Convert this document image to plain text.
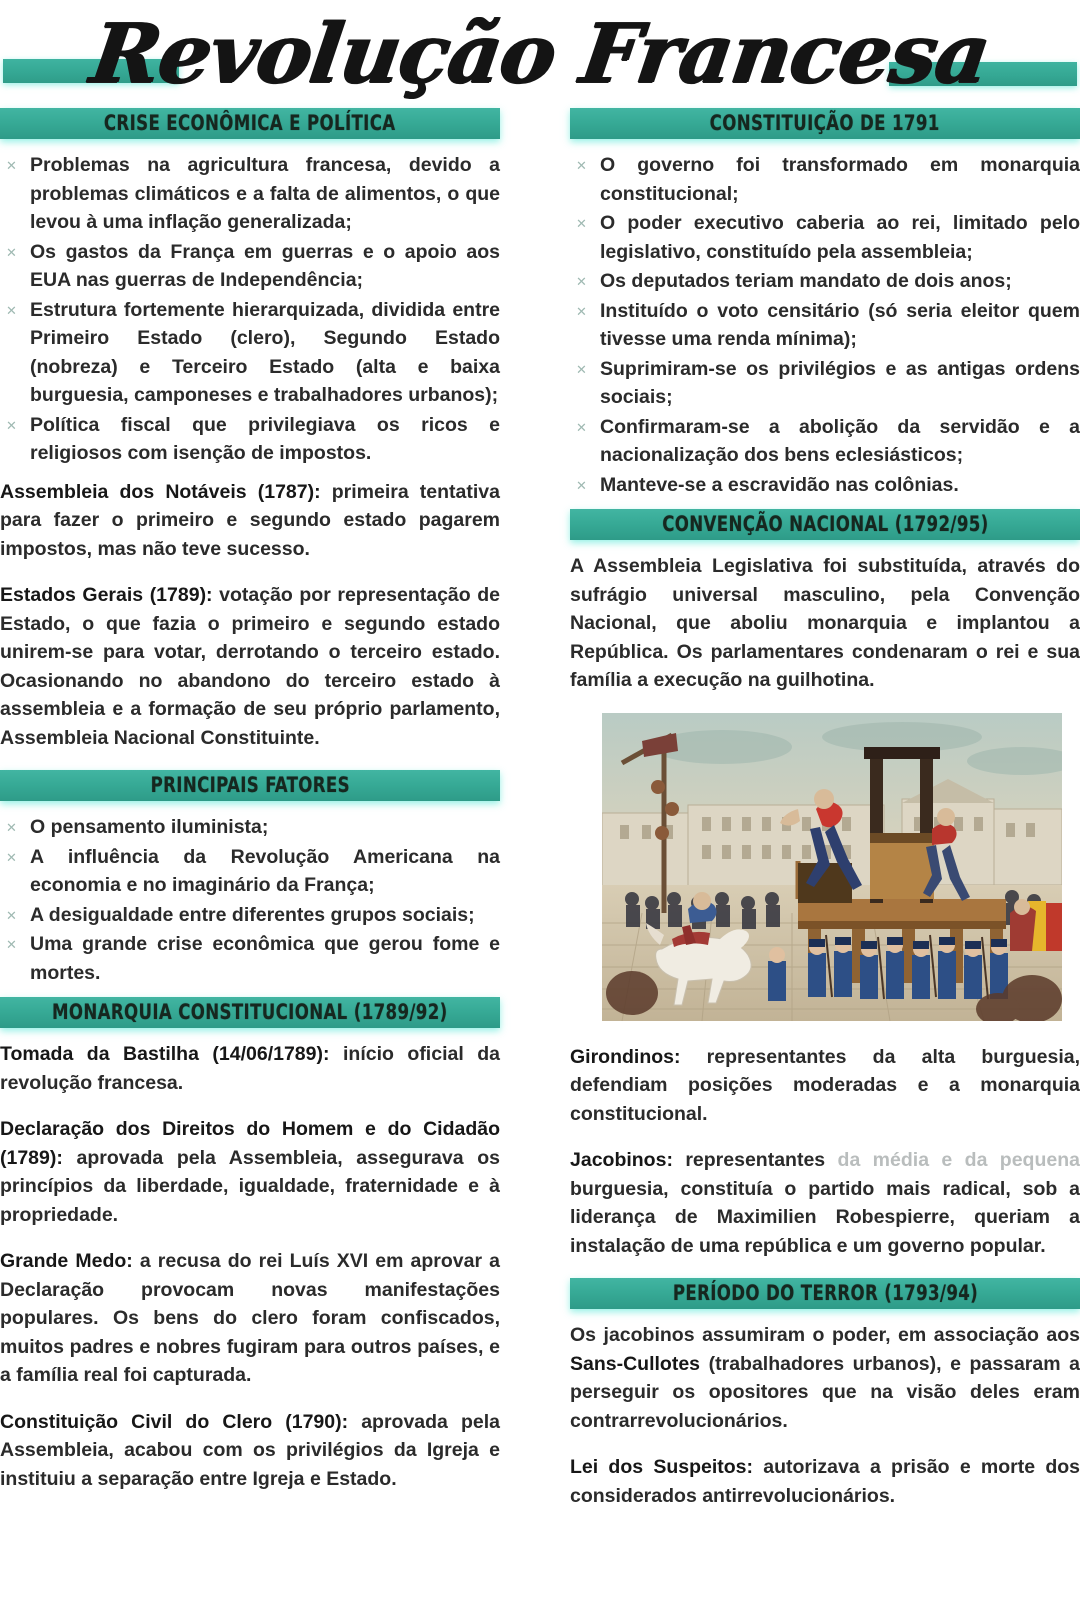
Revolução Francesa
CRISE ECONÔMICA E POLÍTICA
✕ Problemas na agricultura francesa, devido a problemas climáticos e a falta de alimentos, o que levou à uma inflação generalizada;
✕ Os gastos da França em guerras e o apoio aos EUA nas guerras de Independência;
✕ Estrutura fortemente hierarquizada, dividida entre Primeiro Estado (clero), Segundo Estado (nobreza) e Terceiro Estado (alta e baixa burguesia, camponeses e trabalhadores urbanos);
✕ Política fiscal que privilegiava os ricos e religiosos com isenção de impostos.

Assembleia dos Notáveis (1787): primeira tentativa para fazer o primeiro e segundo estado pagarem impostos, mas não teve sucesso.

Estados Gerais (1789): votação por representação de Estado, o que fazia o primeiro e segundo estado unirem-se para votar, derrotando o terceiro estado. Ocasionando no abandono do terceiro estado à assembleia e a formação de seu próprio parlamento, Assembleia Nacional Constituinte.

PRINCIPAIS FATORES
✕ O pensamento iluminista;
✕ A influência da Revolução Americana na economia e no imaginário da França;
✕ A desigualdade entre diferentes grupos sociais;
✕ Uma grande crise econômica que gerou fome e mortes.
MONARQUIA CONSTITUCIONAL (1789/92)

Tomada da Bastilha (14/06/1789): início oficial da revolução francesa.

Declaração dos Direitos do Homem e do Cidadão (1789): aprovada pela Assembleia, assegurava os princípios da liberdade, igualdade, fraternidade e à propriedade.

Grande Medo: a recusa do rei Luís XVI em aprovar a Declaração provocam novas manifestações populares. Os bens do clero foram confiscados, muitos padres e nobres fugiram para outros países, e a família real foi capturada.

Constituição Civil do Clero (1790): aprovada pela Assembleia, acabou com os privilégios da Igreja e instituiu a separação entre Igreja e Estado.

CONSTITUIÇÃO DE 1791
✕ O governo foi transformado em monarquia constitucional;
✕ O poder executivo caberia ao rei, limitado pelo legislativo, constituído pela assembleia;
✕ Os deputados teriam mandato de dois anos;
✕ Instituído o voto censitário (só seria eleitor quem tivesse uma renda mínima);
✕ Suprimiram-se os privilégios e as antigas ordens sociais;
✕ Confirmaram-se a abolição da servidão e a nacionalização dos bens eclesiásticos;
✕ Manteve-se a escravidão nas colônias.
CONVENÇÃO NACIONAL (1792/95)

A Assembleia Legislativa foi substituída, através do sufrágio universal masculino, pela Convenção Nacional, que aboliu monarquia e implantou a República. Os parlamentares condenaram o rei e sua família a execução na guilhotina.

Girondinos: representantes da alta burguesia, defendiam posições moderadas e a monarquia constitucional.

Jacobinos: representantes da média e da pequena burguesia, constituía o partido mais radical, sob a liderança de Maximilien Robespierre, queriam a instalação de uma república e um governo popular.

PERÍODO DO TERROR (1793/94)

Os jacobinos assumiram o poder, em associação aos Sans-Cullotes (trabalhadores urbanos), e passaram a perseguir os opositores que na visão deles eram contrarrevolucionários.

Lei dos Suspeitos: autorizava a prisão e morte dos considerados antirrevolucionários.
